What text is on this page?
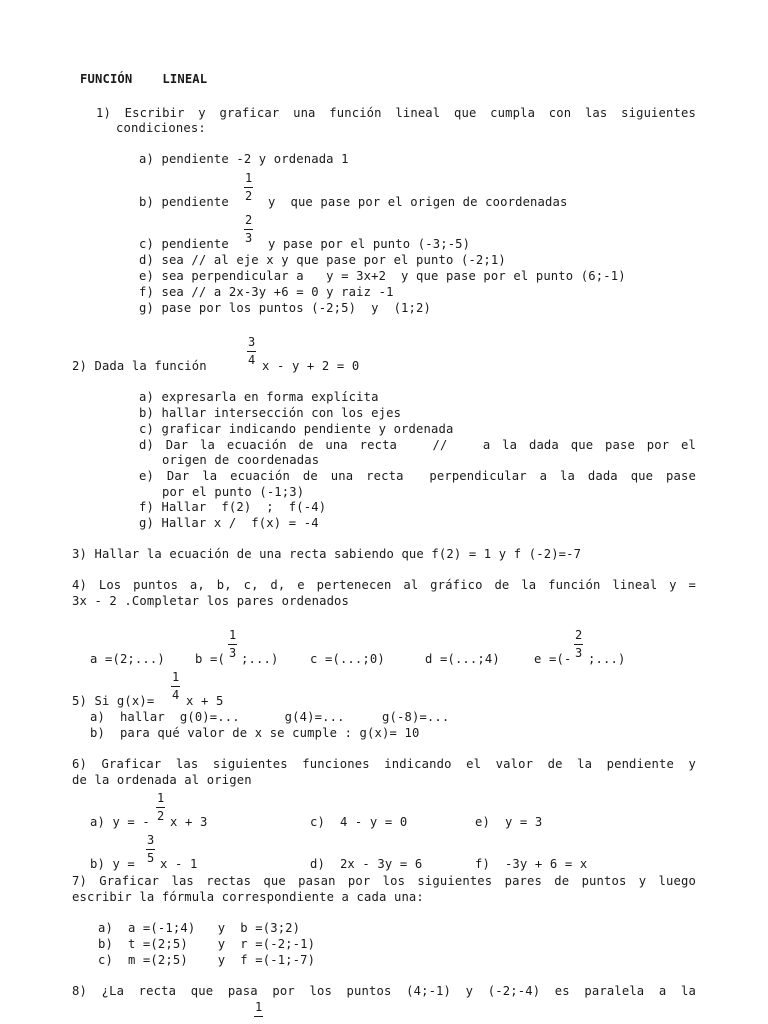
FUNCIÓN    LINEAL
1) Escribir y graficar una función lineal que cumpla con las siguientes
condiciones:
a) pendiente -2 y ordenada 1
b) pendiente
1
2 y  que pase por el origen de coordenadas
c) pendiente
2
3 y pase por el punto (-3;-5)
d) sea // al eje x y que pase por el punto (-2;1)
e) sea perpendicular a   y = 3x+2  y que pase por el punto (6;-1)
f) sea // a 2x-3y +6 = 0 y raiz -1
g) pase por los puntos (-2;5)  y  (1;2)
2) Dada la función
3
4 x - y + 2 = 0
a) expresarla en forma explícita
b) hallar intersección con los ejes
c) graficar indicando pendiente y ordenada
d) Dar la ecuación de una recta   //   a la dada que pase por el
origen de coordenadas
e) Dar la ecuación de una recta  perpendicular a la dada que pase
por el punto (-1;3)
f) Hallar  f(2)  ;  f(-4)
g) Hallar x /  f(x) = -4
3) Hallar la ecuación de una recta sabiendo que f(2) = 1 y f (-2)=-7
4) Los puntos a, b, c, d, e pertenecen al gráfico de la función lineal y =
3x - 2 .Completar los pares ordenados
a =(2;...) b =(
1
3 ;...)	c =(...;0)	d =(...;4)	e =(-
2
3 ;...)
5) Si g(x)=
1
4 x + 5
a)  hallar  g(0)=...      g(4)=...     g(-8)=...
b)  para qué valor de x se cumple : g(x)= 10
6) Graficar las siguientes funciones indicando el valor de la pendiente y
de la ordenada al origen
a) y = -
1
2 x + 3	c)  4 - y = 0	e)  y = 3
b) y =
3
5 x - 1	d)  2x - 3y = 6	f)  -3y + 6 = x
7) Graficar las rectas que pasan por los siguientes pares de puntos y luego
escribir la fórmula correspondiente a cada una:
a)  a =(-1;4)   y  b =(3;2)
b)  t =(2;5)    y  r =(-2;-1)
c)  m =(2;5)    y  f =(-1;-7)
8) ¿La recta que pasa por los puntos (4;-1) y (-2;-4) es paralela a la
1
